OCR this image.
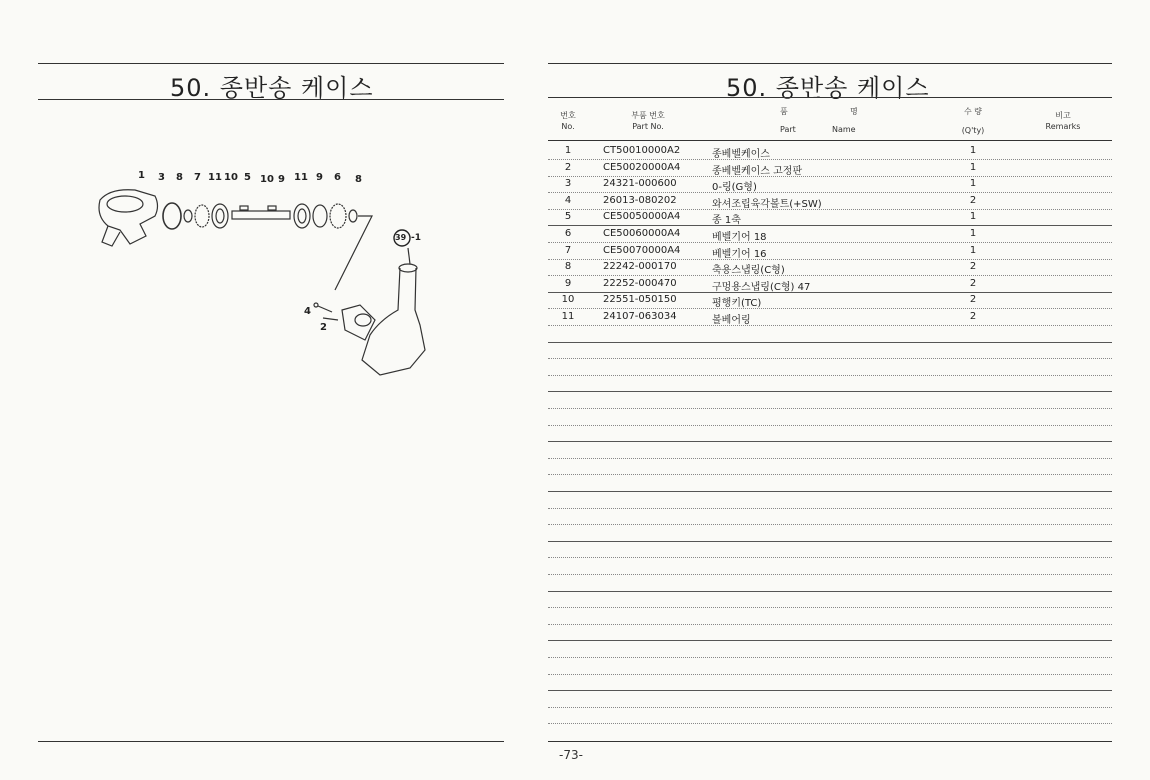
50. 종반송 케이스
1 3 8 7 11 10 5 10 9 11 9 6 8
4
2
39 -1
50. 종반송 케이스
번호
No.
부품 번호
Part No.
품	명
Part	Name
수 량
(Q'ty)
비고
Remarks
1	CT50010000A2	종베벨케이스	1
2	CE50020000A4	종베벨케이스 고정판	1
3	24321-000600	0-링(G형)	1
4	26013-080202	와셔조립육각볼트(+SW)	2
5	CE50050000A4	종 1축	1
6	CE50060000A4	베벨기어 18	1
7	CE50070000A4	베벨기어 16	1
8	22242-000170	축용스냅링(C형)	2
9	22252-000470	구멍용스냅링(C형) 47	2
10	22551-050150	평행키(TC)	2
11	24107-063034	볼베어링	2
-73-
